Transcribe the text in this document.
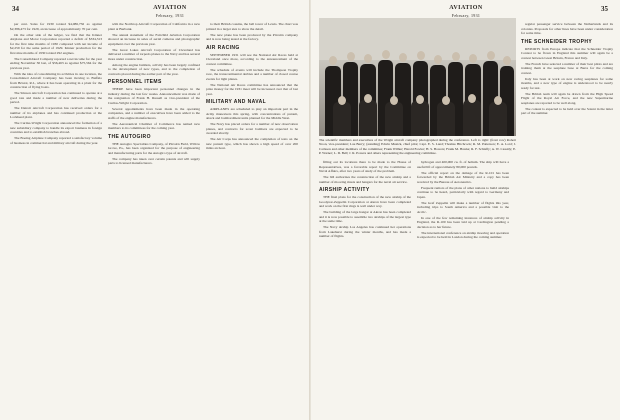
34	AVIATION
February, 1931

per cent. Sales for 1930 totaled $4,086,756 as against $2,386,473 for 1929, an increase of approximately 70 per cent.

On the other side of the ledger, we find that the Kinner Airplane and Motor Corporation reported a deficit of $334,313 for the first nine months of 1930 compared with net income of $2,259 for the same period of 1929. Kinner production for the first nine months of 1930 totaled 292 engines.

The Consolidated Company reported a net income for the year ending November 30 last, of $56,463 as against $75,564 for the previous year.

With the idea of consolidating its activities in one location, the Consolidated Aircraft Company has been moving to Buffalo from Bristol, R.I., where it has been operating in a plant for the construction of flying boats.

The Stinson Aircraft Corporation has continued to operate at a good rate and made a number of new deliveries during the period.

The Detroit Aircraft Corporation has received orders for a number of its airplanes and has continued production at the Lockheed plant.

The Curtiss-Wright Corporation announced the formation of a new subsidiary company to handle its export business in foreign countries and to establish branches abroad.

The Boeing Airplane Company reported a satisfactory volume of business in commercial and military aircraft during the year.

with the Northrop Aircraft Corporation of California in a new plant at Burbank.

The annual statement of the Fairchild Aviation Corporation showed an increase in sales of aerial cameras and photographic equipment over the previous year.

The Great Lakes Aircraft Corporation of Cleveland has delivered a number of torpedo planes to the Navy and has several more under construction.

Among the engine builders, activity has been largely confined to the development of new types, and to the completion of contracts placed during the earlier part of the year.

PERSONNEL ITEMS

THERE have been important personnel changes in the industry during the last few weeks. Announcement was made of the resignation of Frank H. Russell as vice-president of the Curtiss-Wright Corporation.

Several appointments have been made in the operating companies, and a number of executives have been added to the staffs of the engine manufacturers.

The Aeronautical Chamber of Commerce has named new members to its committees for the coming year.

THE AUTOGIRO

THE Autogiro Specialties Company, of Pitcairn Field, Willow Grove, Pa., has been organized for the purpose of engineering and manufacturing parts for the Autogiro type of aircraft.

The company has taken over certain patents and will supply parts to licensed manufacturers.

to their British cousins, the bell tower of Lewis. The chart was printed in a larger size to show the detail.

The new plane has been produced by the Pitcairn company and is now being tested at the factory.

AIR RACING

SEPTEMBER 1931 will see the National Air Races held at Cleveland once more, according to the announcement of the contest committee.

The schedule of events will include the Thompson Trophy race, the transcontinental derbies and a number of closed course events for light planes.

The National Air Races committee has announced that the prize money for the 1931 meet will be increased over that of last year.

MILITARY AND NAVAL

AIRPLANES are scheduled to play an important part in the Army maneuvers this spring, with concentrations of pursuit, attack and bombardment units planned for the Middle West.

The Navy has placed orders for a number of new observation planes, and contracts for scout bombers are expected to be awarded shortly.

The Air Corps has announced the completion of tests on the new pursuit type, which has shown a high speed of over 200 miles an hour.

AVIATION
February, 1931
35
The scientific members and executives of the Wright aircraft company photographed during the conference. Left to right: (front row) Robert Noon, vice-president; Lou Berry; (standing) Edwin Musick, chief pilot; Capt. E. S. Land; Thomas Hitchcock; R. M. Patterson; E. A. Lord; J. Carlsson and other members of the committee; Frank Wilbur; Harold Fowler; H. S. Bowers; Frank M. Hawks; R. F. Schlafly; A. W. Cassidy; E. P. Warner; L. D. Bell; J. R. Powers and others representing the engineering committee.

filling out its locations there to be made to the House of Representatives, was a favorable report by the Committee on Naval Affairs, after two years of study of the problem.

The bill authorizes the construction of the new airship and a number of mooring masts and hangars for the naval air service.

AIRSHIP ACTIVITY

THE final plans for the construction of the new airship of the Goodyear-Zeppelin Corporation at Akron have been completed and work on the first rings is well under way.

The building of the large hangar at Akron has been completed and it is now possible to assemble two airships of the largest type at the same time.

The Navy airship Los Angeles has continued her operations from Lakehurst during the winter months, and has made a number of flights.

hydrogen and 400,000 cu. ft. of helium. The ship will have a useful lift of approximately 80,000 pounds.

The official report on the damage of the R-101 has been forwarded by the British Air Ministry and a copy has been received by the Bureau of Aeronautics.

Frequent rumors of the plans of other nations to build airships continue to be heard, particularly with regard to Germany and Japan.

The Graf Zeppelin will make a number of flights this year, including trips to South America and a possible visit to the Arctic.

In one of the few remaining instances of airship activity in England, the R-100 has been laid up at Cardington pending a decision as to her future.

The international conference on airship mooring and operation is expected to be held in London during the coming summer.

regular passenger service between the Netherlands and its colonies. Proposals for other lines have been under consideration for some time.

THE SCHNEIDER TROPHY

REPORTS from Europe indicate that the Schneider Trophy Contest to be flown in England this summer will again be a contest between Great Britain, France and Italy.

The French have selected a number of their best pilots and are training them at the seaplane base at Berre for the coming contest.

Italy has been at work on new racing seaplanes for some months, and a new type of engine is understood to be nearly ready for test.

The British team will again be drawn from the High Speed Flight of the Royal Air Force, and the new Supermarine seaplanes are reported to be well along.

The contest is expected to be held over the Solent in the latter part of the summer.
